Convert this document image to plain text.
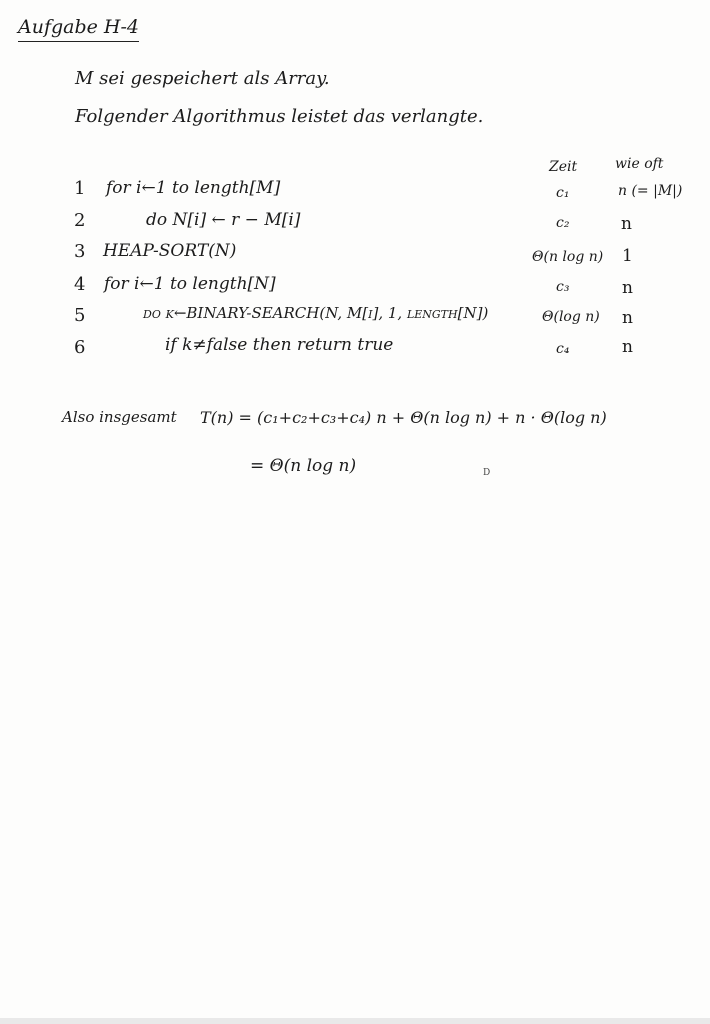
Aufgabe H-4
M sei gespeichert als Array.
Folgender Algorithmus leistet das verlangte.
Zeit	wie oft
1 for i←1 to length[M]	c₁	n (= |M|)
2	do N[i] ← r − M[i]	c₂	n
3 HEAP-SORT(N)	Θ(n log n) 1
4 for i←1 to length[N]	c₃	n
5	do k←BINARY-SEARCH(N, M[i], 1, length[N])	Θ(log n) n
6	if k≠false then return true	c₄	n
Also insgesamt T(n) = (c₁+c₂+c₃+c₄) n + Θ(n log n) + n · Θ(log n)
= Θ(n log n)	D
